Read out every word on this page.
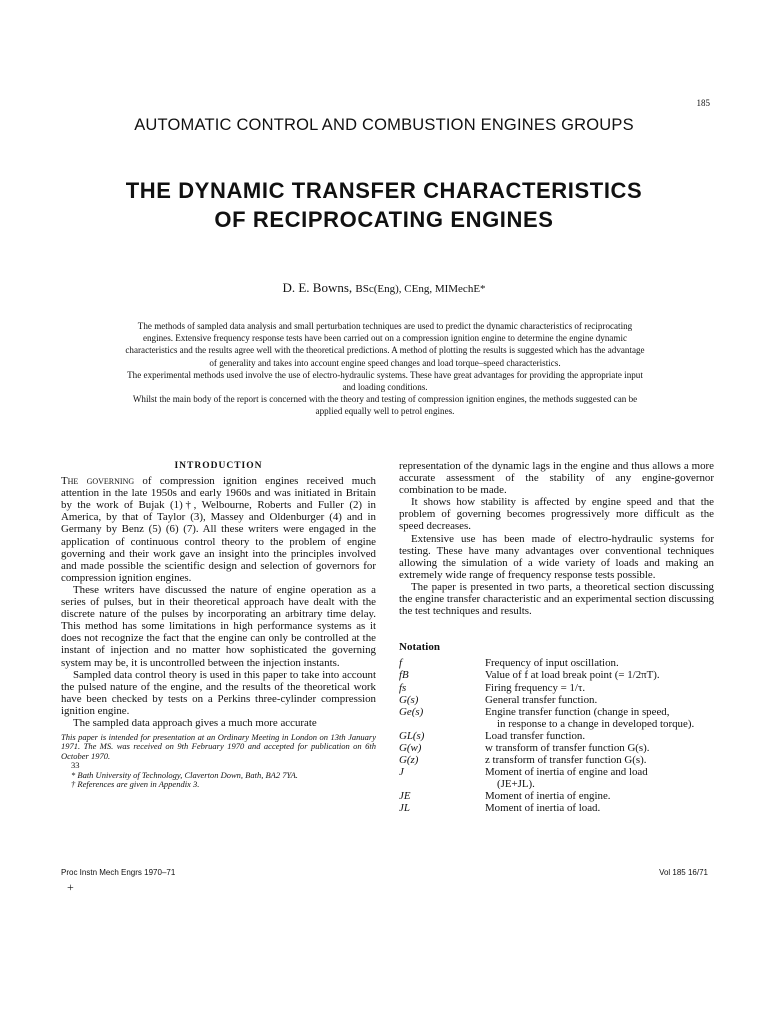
185
AUTOMATIC CONTROL AND COMBUSTION ENGINES GROUPS
THE DYNAMIC TRANSFER CHARACTERISTICS
OF RECIPROCATING ENGINES
D. E. Bowns, BSc(Eng), CEng, MIMechE*

The methods of sampled data analysis and small perturbation techniques are used to predict the dynamic characteristics of reciprocating engines. Extensive frequency response tests have been carried out on a compression ignition engine to determine the engine dynamic characteristics and the results agree well with the theoretical predictions. A method of plotting the results is suggested which has the advantage of generality and takes into account engine speed changes and load torque–speed characteristics.

The experimental methods used involve the use of electro-hydraulic systems. These have great advantages for providing the appropriate input and loading conditions.

Whilst the main body of the report is concerned with the theory and testing of compression ignition engines, the methods suggested can be applied equally well to petrol engines.

INTRODUCTION

The governing of compression ignition engines received much attention in the late 1950s and early 1960s and was initiated in Britain by the work of Bujak (1)†, Welbourne, Roberts and Fuller (2) in America, by that of Taylor (3), Massey and Oldenburger (4) and in Germany by Benz (5) (6) (7). All these writers were engaged in the application of continuous control theory to the problem of engine governing and their work gave an insight into the principles involved and made possible the scientific design and selection of governors for compression ignition engines.

These writers have discussed the nature of engine operation as a series of pulses, but in their theoretical approach have dealt with the discrete nature of the pulses by incorporating an arbitrary time delay. This method has some limitations in high performance systems as it does not recognize the fact that the engine can only be controlled at the instant of injection and no matter how sophisticated the governing system may be, it is uncontrolled between the injection instants.

Sampled data control theory is used in this paper to take into account the pulsed nature of the engine, and the results of the theoretical work have been checked by tests on a Perkins three-cylinder compression ignition engine.

The sampled data approach gives a much more accurate

This paper is intended for presentation at an Ordinary Meeting in London on 13th January 1971. The MS. was received on 9th February 1970 and accepted for publication on 6th October 1970.

33

* Bath University of Technology, Claverton Down, Bath, BA2 7YA.

† References are given in Appendix 3.

representation of the dynamic lags in the engine and thus allows a more accurate assessment of the stability of any engine-governor combination to be made.

It shows how stability is affected by engine speed and that the problem of governing becomes progressively more difficult as the speed decreases.

Extensive use has been made of electro-hydraulic systems for testing. These have many advantages over conventional techniques allowing the simulation of a wide variety of loads and making an extremely wide range of frequency response tests possible.

The paper is presented in two parts, a theoretical section discussing the engine transfer characteristic and an experimental section discussing the test techniques and results.

Notation
f	Frequency of input oscillation.
fB	Value of f at load break point (= 1/2πT).
fs	Firing frequency = 1/τ.
G(s)	General transfer function.
Ge(s)	Engine transfer function (change in speed,
in response to a change in developed torque).
GL(s)	Load transfer function.
G(w)	w transform of transfer function G(s).
G(z)	z transform of transfer function G(s).
J	Moment of inertia of engine and load
(JE+JL).
JE	Moment of inertia of engine.
JL	Moment of inertia of load.
Proc Instn Mech Engrs 1970–71
+
Vol 185 16/71
